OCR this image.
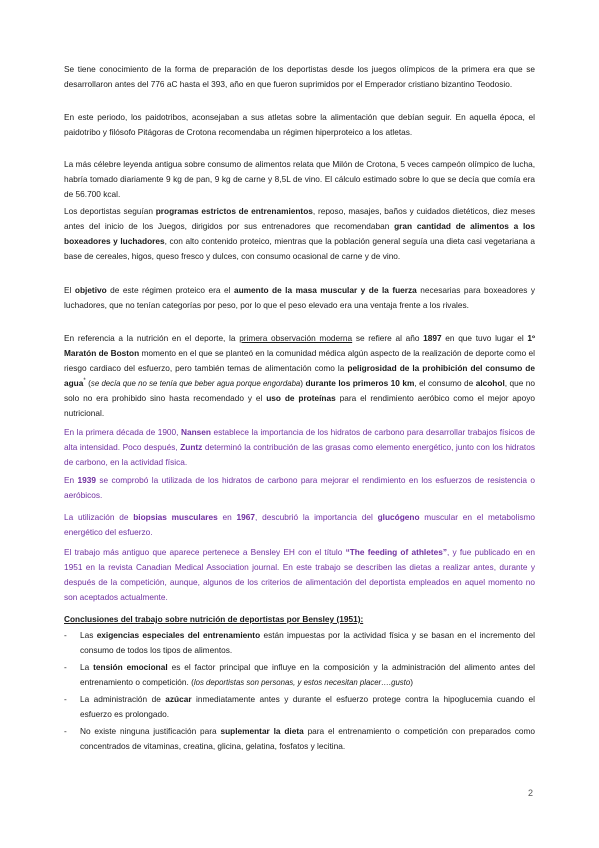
Se tiene conocimiento de la forma de preparación de los deportistas desde los juegos olímpicos de la primera era que se desarrollaron antes del 776 aC hasta el 393, año en que fueron suprimidos por el Emperador cristiano bizantino Teodosio.

En este periodo, los paidotribos, aconsejaban a sus atletas sobre la alimentación que debían seguir. En aquella época, el paidotribo y filósofo Pitágoras de Crotona recomendaba un régimen hiperproteico a los atletas.

La más célebre leyenda antigua sobre consumo de alimentos relata que Milón de Crotona, 5 veces campeón olímpico de lucha, habría tomado diariamente 9 kg de pan, 9 kg de carne y 8,5L de vino. El cálculo estimado sobre lo que se decía que comía era de 56.700 kcal.

Los deportistas seguían programas estrictos de entrenamientos, reposo, masajes, baños y cuidados dietéticos, diez meses antes del inicio de los Juegos, dirigidos por sus entrenadores que recomendaban gran cantidad de alimentos a los boxeadores y luchadores, con alto contenido proteico, mientras que la población general seguía una dieta casi vegetariana a base de cereales, higos, queso fresco y dulces, con consumo ocasional de carne y de vino.

El objetivo de este régimen proteico era el aumento de la masa muscular y de la fuerza necesarias para boxeadores y luchadores, que no tenían categorías por peso, por lo que el peso elevado era una ventaja frente a los rivales.

En referencia a la nutrición en el deporte, la primera observación moderna se refiere al año 1897 en que tuvo lugar el 1º Maratón de Boston momento en el que se planteó en la comunidad médica algún aspecto de la realización de deporte como el riesgo cardiaco del esfuerzo, pero también temas de alimentación como la peligrosidad de la prohibición del consumo de agua* (se decía que no se tenía que beber agua porque engordaba) durante los primeros 10 km, el consumo de alcohol, que no solo no era prohibido sino hasta recomendado y el uso de proteínas para el rendimiento aeróbico como el mejor apoyo nutricional.

En la primera década de 1900, Nansen establece la importancia de los hidratos de carbono para desarrollar trabajos físicos de alta intensidad. Poco después, Zuntz determinó la contribución de las grasas como elemento energético, junto con los hidratos de carbono, en la actividad física.

En 1939 se comprobó la utilizada de los hidratos de carbono para mejorar el rendimiento en los esfuerzos de resistencia o aeróbicos.

La utilización de biopsias musculares en 1967, descubrió la importancia del glucógeno muscular en el metabolismo energético del esfuerzo.

El trabajo más antiguo que aparece pertenece a Bensley EH con el título “The feeding of athletes”, y fue publicado en en 1951 en la revista Canadian Medical Association journal. En este trabajo se describen las dietas a realizar antes, durante y después de la competición, aunque, algunos de los criterios de alimentación del deportista empleados en aquel momento no son aceptados actualmente.

Conclusiones del trabajo sobre nutrición de deportistas por Bensley (1951):

- Las exigencias especiales del entrenamiento están impuestas por la actividad física y se basan en el incremento del consumo de todos los tipos de alimentos.
- La tensión emocional es el factor principal que influye en la composición y la administración del alimento antes del entrenamiento o competición. (los deportistas son personas, y estos necesitan placer….gusto)
- La administración de azúcar inmediatamente antes y durante el esfuerzo protege contra la hipoglucemia cuando el esfuerzo es prolongado.
- No existe ninguna justificación para suplementar la dieta para el entrenamiento o competición con preparados como concentrados de vitaminas, creatina, glicina, gelatina, fosfatos y lecitina.
2
